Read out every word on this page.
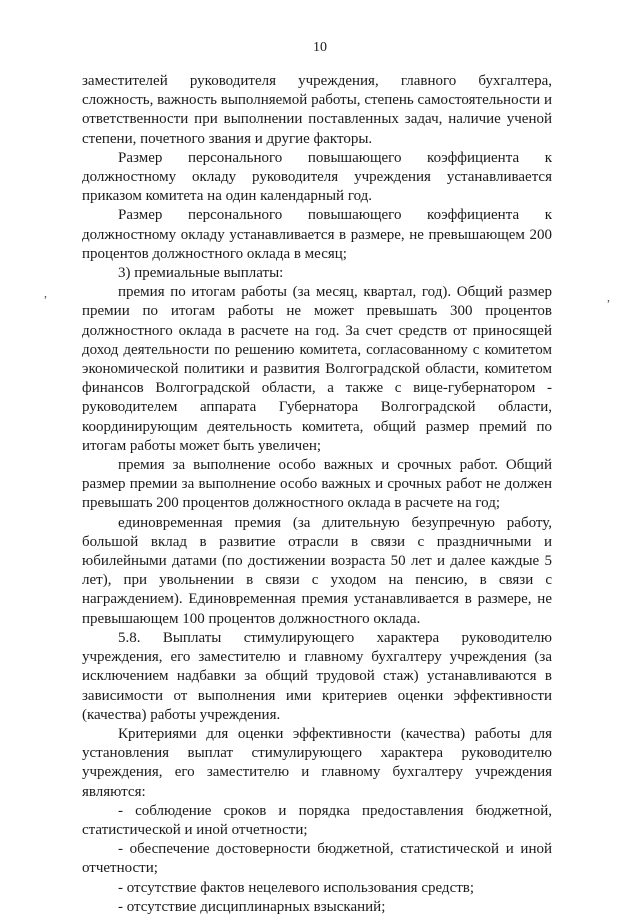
10

заместителей руководителя учреждения, главного бухгалтера, сложность, важность выполняемой работы, степень самостоятельности и ответственности при выполнении поставленных задач, наличие ученой степени, почетного звания и другие факторы.

Размер персонального повышающего коэффициента к должностному окладу руководителя учреждения устанавливается приказом комитета на один календарный год.

Размер персонального повышающего коэффициента к должностному окладу устанавливается в размере, не превышающем 200 процентов должностного оклада в месяц;

3) премиальные выплаты:

премия по итогам работы (за месяц, квартал, год). Общий размер премии по итогам работы не может превышать 300 процентов должностного оклада в расчете на год. За счет средств от приносящей доход деятельности по решению комитета, согласованному с комитетом экономической политики и развития Волгоградской области, комитетом финансов Волгоградской области, а также с вице-губернатором - руководителем аппарата Губернатора Волгоградской области, координирующим деятельность комитета, общий размер премий по итогам работы может быть увеличен;

премия за выполнение особо важных и срочных работ. Общий размер премии за выполнение особо важных и срочных работ не должен превышать 200 процентов должностного оклада в расчете на год;

единовременная премия (за длительную безупречную работу, большой вклад в развитие отрасли в связи с праздничными и юбилейными датами (по достижении возраста 50 лет и далее каждые 5 лет), при увольнении в связи с уходом на пенсию, в связи с награждением). Единовременная премия устанавливается в размере, не превышающем 100 процентов должностного оклада.

5.8. Выплаты стимулирующего характера руководителю учреждения, его заместителю и главному бухгалтеру учреждения (за исключением надбавки за общий трудовой стаж) устанавливаются в зависимости от выполнения ими критериев оценки эффективности (качества) работы учреждения.

Критериями для оценки эффективности (качества) работы для установления выплат стимулирующего характера руководителю учреждения, его заместителю и главному бухгалтеру учреждения являются:

- соблюдение сроков и порядка предоставления бюджетной, статистической и иной отчетности;

- обеспечение достоверности бюджетной, статистической и иной отчетности;

- отсутствие фактов нецелевого использования средств;

- отсутствие дисциплинарных взысканий;

,	,
